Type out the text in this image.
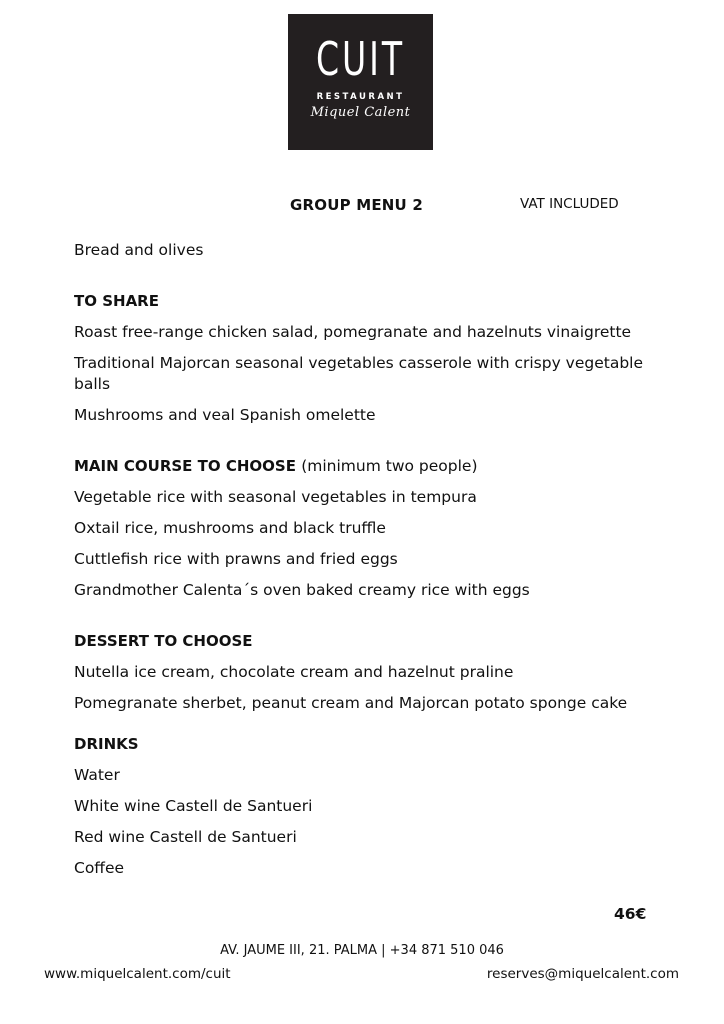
CUIT
RESTAURANT
Miquel Calent
GROUP MENU 2	VAT INCLUDED
Bread and olives
TO SHARE
Roast free-range chicken salad, pomegranate and hazelnuts vinaigrette
Traditional Majorcan seasonal vegetables casserole with crispy vegetable balls
Mushrooms and veal Spanish omelette
MAIN COURSE TO CHOOSE (minimum two people)
Vegetable rice with seasonal vegetables in tempura
Oxtail rice, mushrooms and black truffle
Cuttlefish rice with prawns and fried eggs
Grandmother Calenta´s oven baked creamy rice with eggs
DESSERT TO CHOOSE
Nutella ice cream, chocolate cream and hazelnut praline
Pomegranate sherbet, peanut cream and Majorcan potato sponge cake
DRINKS
Water
White wine Castell de Santueri
Red wine Castell de Santueri
Coffee
46€
AV. JAUME III, 21. PALMA | +34 871 510 046
www.miquelcalent.com/cuit	reserves@miquelcalent.com
